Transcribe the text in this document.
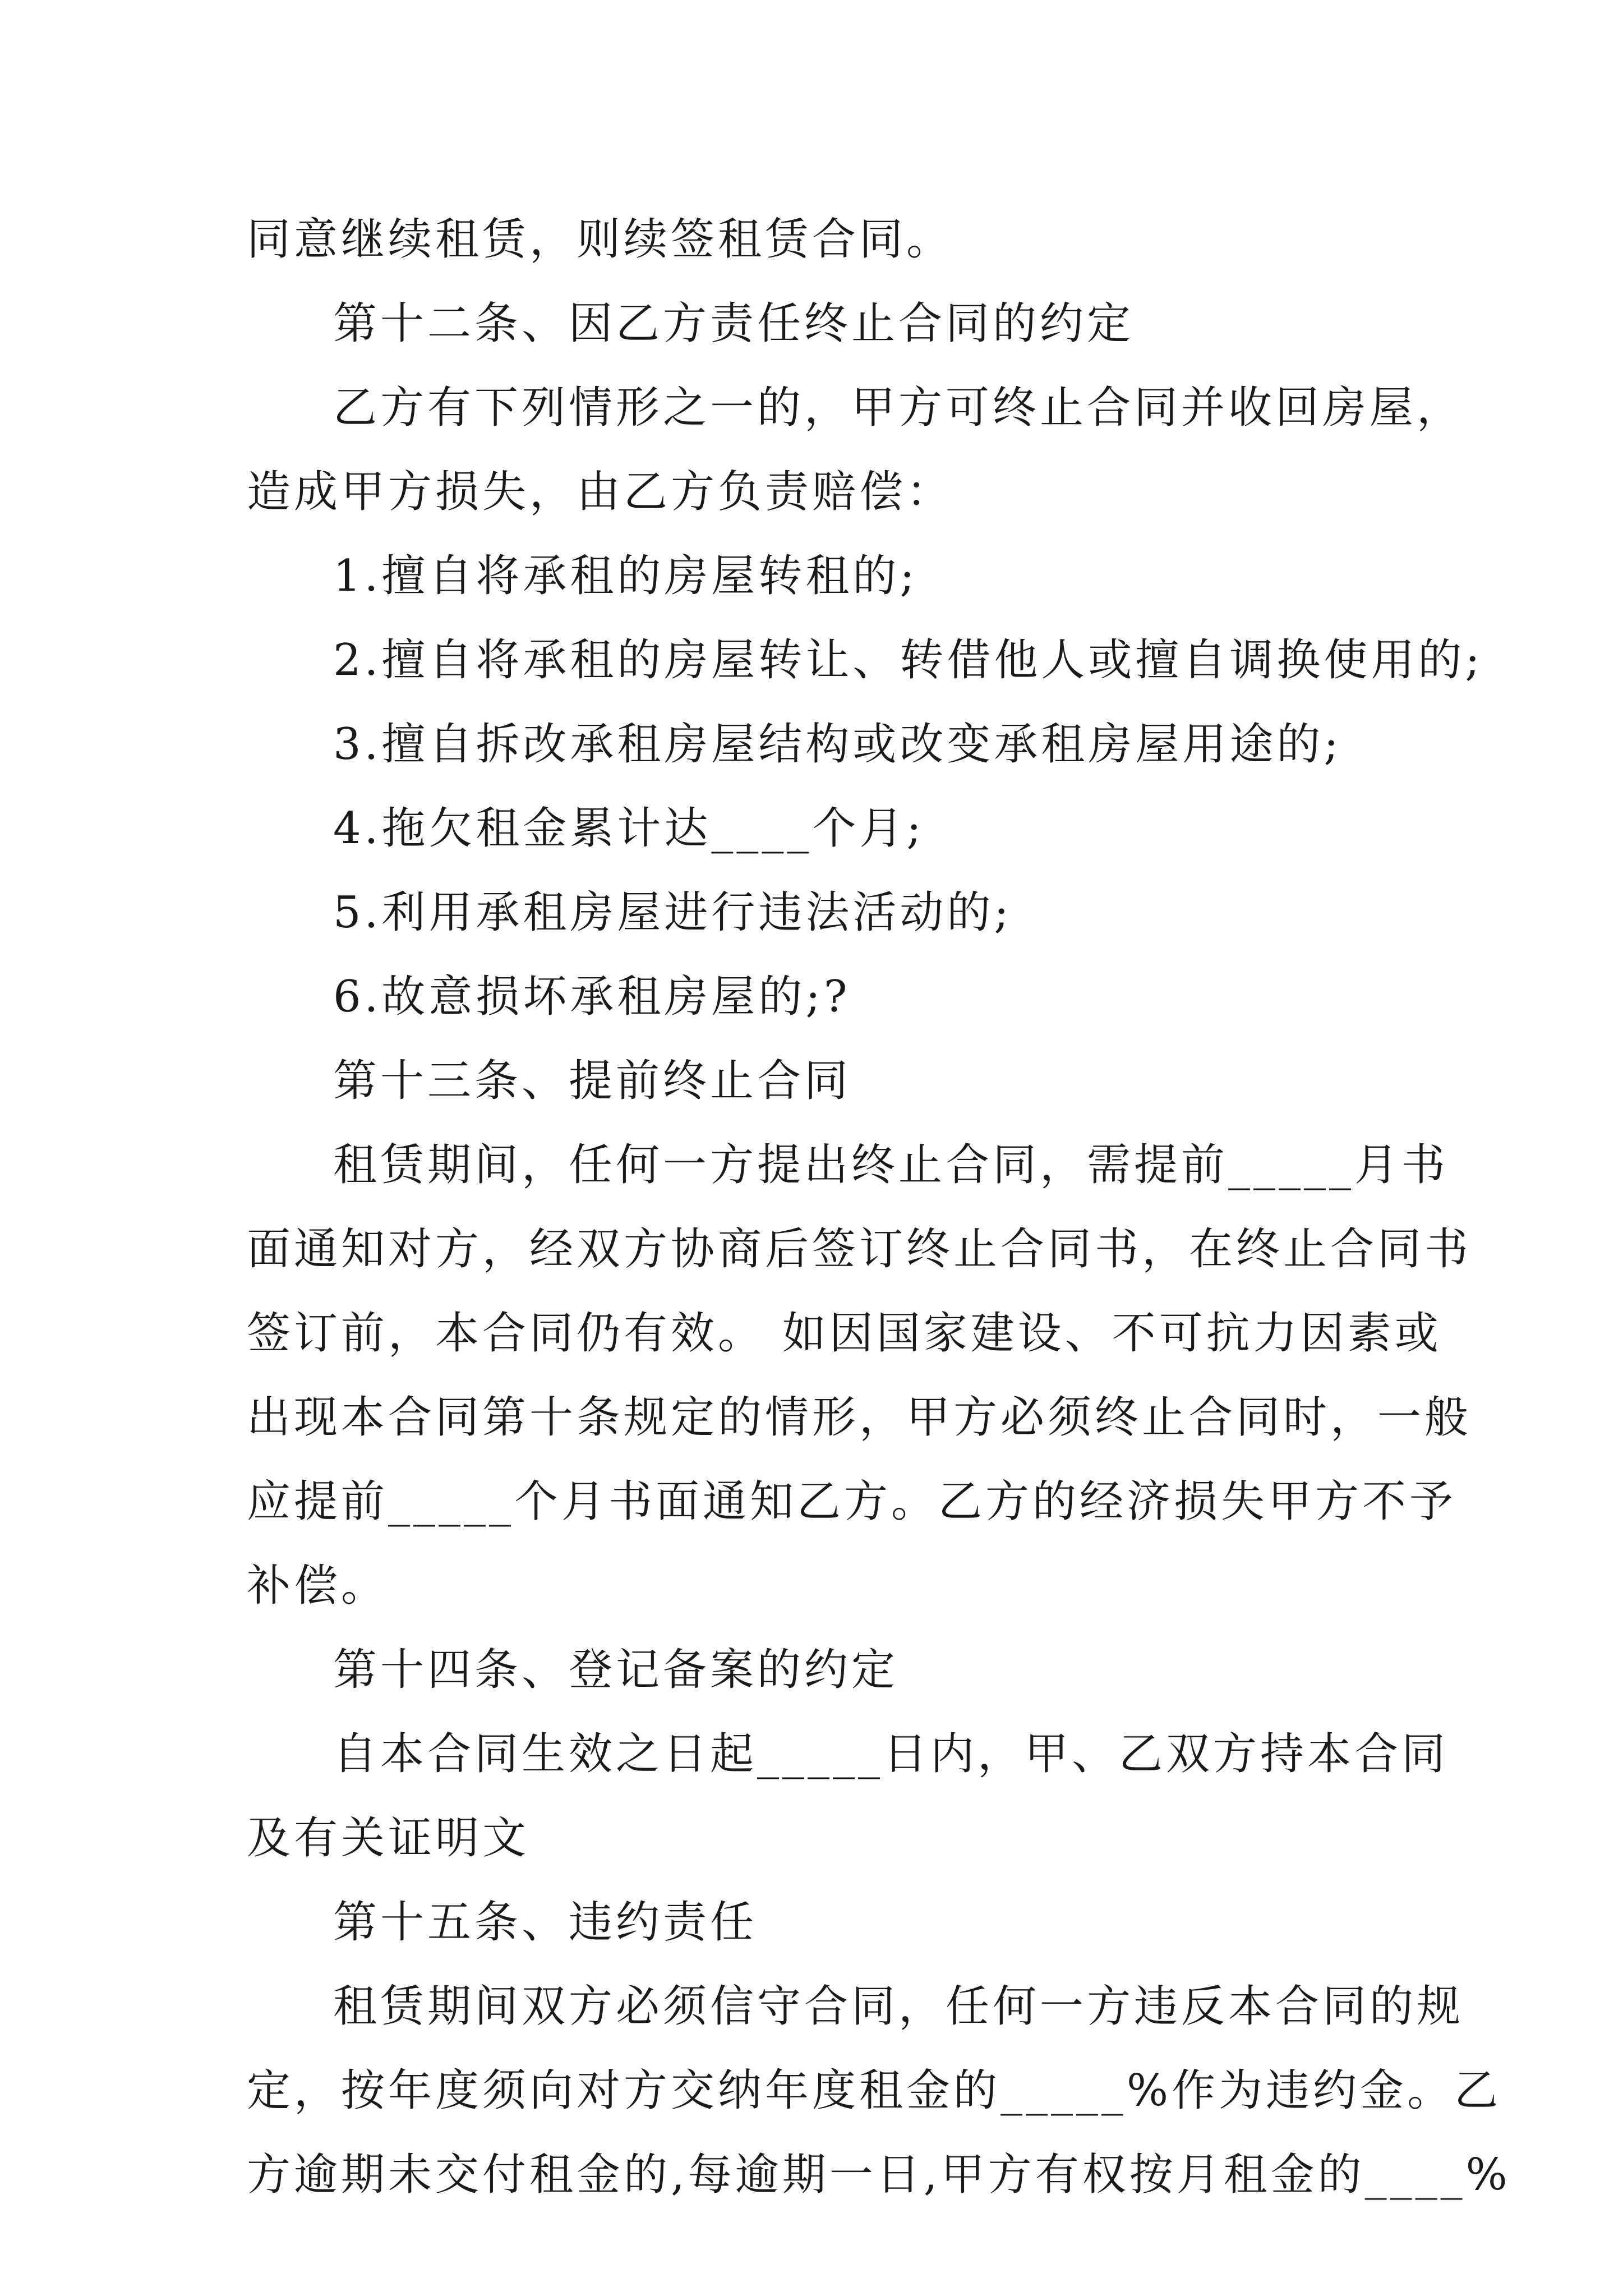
同意继续租赁，则续签租赁合同。
第十二条、因乙方责任终止合同的约定
乙方有下列情形之一的，甲方可终止合同并收回房屋，
造成甲方损失，由乙方负责赔偿：
1.擅自将承租的房屋转租的;
2.擅自将承租的房屋转让、转借他人或擅自调换使用的;
3.擅自拆改承租房屋结构或改变承租房屋用途的;
4.拖欠租金累计达____个月;
5.利用承租房屋进行违法活动的;
6.故意损坏承租房屋的;?
第十三条、提前终止合同
租赁期间，任何一方提出终止合同，需提前_____月书
面通知对方，经双方协商后签订终止合同书，在终止合同书
签订前，本合同仍有效。 如因国家建设、不可抗力因素或
出现本合同第十条规定的情形，甲方必须终止合同时，一般
应提前_____个月书面通知乙方。乙方的经济损失甲方不予
补偿。
第十四条、登记备案的约定
自本合同生效之日起_____日内，甲、乙双方持本合同
及有关证明文
第十五条、违约责任
租赁期间双方必须信守合同，任何一方违反本合同的规
定，按年度须向对方交纳年度租金的_____%作为违约金。乙
方逾期未交付租金的,每逾期一日,甲方有权按月租金的____%
